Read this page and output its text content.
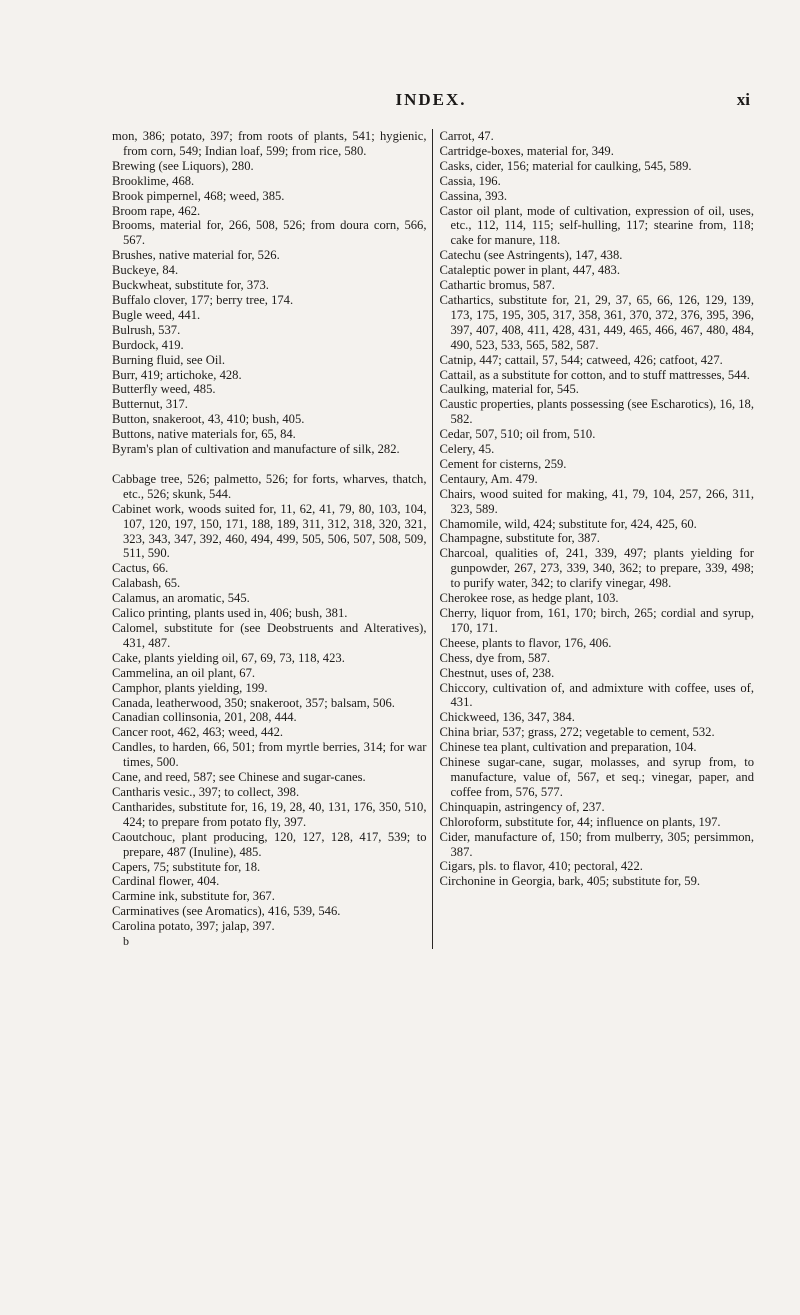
INDEX.	xi
mon, 386; potato, 397; from roots of plants, 541; hygienic, from corn, 549; Indian loaf, 599; from rice, 580.
Brewing (see Liquors), 280.
Brooklime, 468.
Brook pimpernel, 468; weed, 385.
Broom rape, 462.
Brooms, material for, 266, 508, 526; from doura corn, 566, 567.
Brushes, native material for, 526.
Buckeye, 84.
Buckwheat, substitute for, 373.
Buffalo clover, 177; berry tree, 174.
Bugle weed, 441.
Bulrush, 537.
Burdock, 419.
Burning fluid, see Oil.
Burr, 419; artichoke, 428.
Butterfly weed, 485.
Butternut, 317.
Button, snakeroot, 43, 410; bush, 405.
Buttons, native materials for, 65, 84.
Byram's plan of cultivation and manufacture of silk, 282.
Cabbage tree, 526; palmetto, 526; for forts, wharves, thatch, etc., 526; skunk, 544.
Cabinet work, woods suited for, 11, 62, 41, 79, 80, 103, 104, 107, 120, 197, 150, 171, 188, 189, 311, 312, 318, 320, 321, 323, 343, 347, 392, 460, 494, 499, 505, 506, 507, 508, 509, 511, 590.
Cactus, 66.
Calabash, 65.
Calamus, an aromatic, 545.
Calico printing, plants used in, 406; bush, 381.
Calomel, substitute for (see Deobstruents and Alteratives), 431, 487.
Cake, plants yielding oil, 67, 69, 73, 118, 423.
Cammelina, an oil plant, 67.
Camphor, plants yielding, 199.
Canada, leatherwood, 350; snakeroot, 357; balsam, 506.
Canadian collinsonia, 201, 208, 444.
Cancer root, 462, 463; weed, 442.
Candles, to harden, 66, 501; from myrtle berries, 314; for war times, 500.
Cane, and reed, 587; see Chinese and sugar-canes.
Cantharis vesic., 397; to collect, 398.
Cantharides, substitute for, 16, 19, 28, 40, 131, 176, 350, 510, 424; to prepare from potato fly, 397.
Caoutchouc, plant producing, 120, 127, 128, 417, 539; to prepare, 487 (Inuline), 485.
Capers, 75; substitute for, 18.
Cardinal flower, 404.
Carmine ink, substitute for, 367.
Carminatives (see Aromatics), 416, 539, 546.
Carolina potato, 397; jalap, 397.
b
Carrot, 47.
Cartridge-boxes, material for, 349.
Casks, cider, 156; material for caulking, 545, 589.
Cassia, 196.
Cassina, 393.
Castor oil plant, mode of cultivation, expression of oil, uses, etc., 112, 114, 115; self-hulling, 117; stearine from, 118; cake for manure, 118.
Catechu (see Astringents), 147, 438.
Cataleptic power in plant, 447, 483.
Cathartic bromus, 587.
Cathartics, substitute for, 21, 29, 37, 65, 66, 126, 129, 139, 173, 175, 195, 305, 317, 358, 361, 370, 372, 376, 395, 396, 397, 407, 408, 411, 428, 431, 449, 465, 466, 467, 480, 484, 490, 523, 533, 565, 582, 587.
Catnip, 447; cattail, 57, 544; catweed, 426; catfoot, 427.
Cattail, as a substitute for cotton, and to stuff mattresses, 544.
Caulking, material for, 545.
Caustic properties, plants possessing (see Escharotics), 16, 18, 582.
Cedar, 507, 510; oil from, 510.
Celery, 45.
Cement for cisterns, 259.
Centaury, Am. 479.
Chairs, wood suited for making, 41, 79, 104, 257, 266, 311, 323, 589.
Chamomile, wild, 424; substitute for, 424, 425, 60.
Champagne, substitute for, 387.
Charcoal, qualities of, 241, 339, 497; plants yielding for gunpowder, 267, 273, 339, 340, 362; to prepare, 339, 498; to purify water, 342; to clarify vinegar, 498.
Cherokee rose, as hedge plant, 103.
Cherry, liquor from, 161, 170; birch, 265; cordial and syrup, 170, 171.
Cheese, plants to flavor, 176, 406.
Chess, dye from, 587.
Chestnut, uses of, 238.
Chiccory, cultivation of, and admixture with coffee, uses of, 431.
Chickweed, 136, 347, 384.
China briar, 537; grass, 272; vegetable to cement, 532.
Chinese tea plant, cultivation and preparation, 104.
Chinese sugar-cane, sugar, molasses, and syrup from, to manufacture, value of, 567, et seq.; vinegar, paper, and coffee from, 576, 577.
Chinquapin, astringency of, 237.
Chloroform, substitute for, 44; influence on plants, 197.
Cider, manufacture of, 150; from mulberry, 305; persimmon, 387.
Cigars, pls. to flavor, 410; pectoral, 422.
Circhonine in Georgia, bark, 405; substitute for, 59.
